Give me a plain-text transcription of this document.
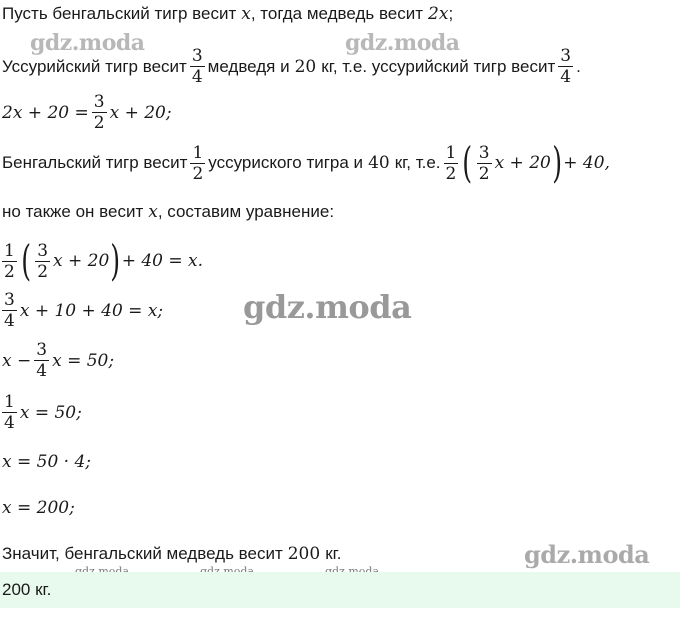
gdz.moda	gdz.moda
gdz.moda
gdz.moda
Пусть бенгальский тигр весит x , тогда медведь весит 2x ;
Уссурийский тигр весит $\frac{3}{4}$ медведя и 20 кг, т.е. уссурийский тигр весит $\frac{3}{4}$ .
$2x + 20 = \frac{3}{2}$ x + 20;
Бенгальский тигр весит $\frac{1}{2}$ уссуриского тигра и 40 кг, т.е. $\frac{1}{2}$ ( $\frac{3}{2}$ x + 20 ) + 40,
но также он весит x , составим уравнение:
$\frac{1}{2}$ ( $\frac{3}{2}$ x + 20 ) + 40 = x.
$\frac{3}{4}$ x + 10 + 40 = x;
$x - \frac{3}{4}$ x = 50;
$\frac{1}{4}$ x = 50;
x = 50 · 4;
x = 200;
Значит, бенгальский медведь весит 200 кг.
200 кг.
